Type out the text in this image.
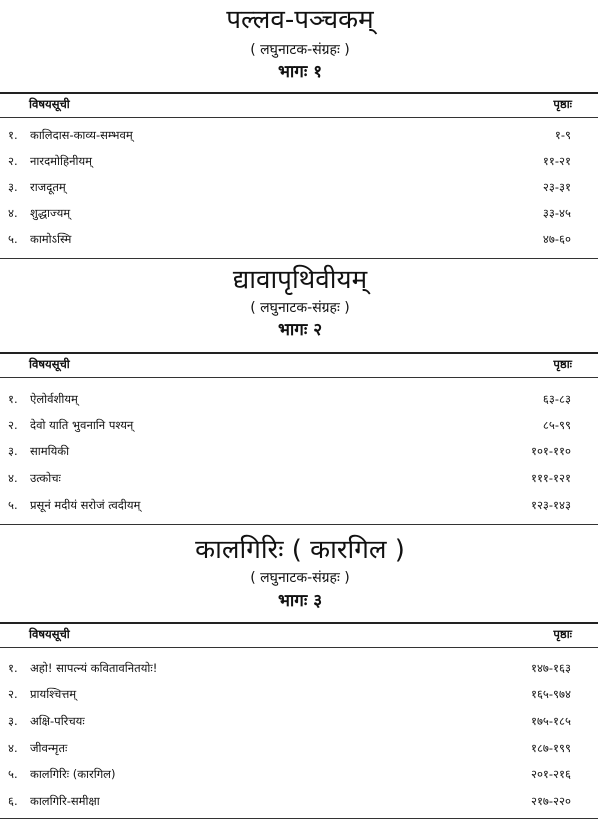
पल्लव-पञ्चकम्
( लघुनाटक-संग्रहः )
भागः १
विषयसूची	पृष्ठाः
१. कालिदास-काव्य-सम्भवम्	१-९
२. नारदमोहिनीयम्	११-२१
३. राजदूतम्	२३-३१
४. शुद्धाज्यम्	३३-४५
५. कामोऽस्मि	४७-६०
द्यावापृथिवीयम्
( लघुनाटक-संग्रहः )
भागः २
विषयसूची	पृष्ठाः
१. ऐलोर्वशीयम्	६३-८३
२. देवो याति भुवनानि पश्यन्	८५-९९
३. सामयिकी	१०१-११०
४. उत्कोचः	१११-१२१
५. प्रसूनं मदीयं सरोजं त्वदीयम्	१२३-१४३
कालगिरिः ( कारगिल )
( लघुनाटक-संग्रहः )
भागः ३
विषयसूची	पृष्ठाः
१. अहो! सापत्न्यं कवितावनितयोः!	१४७-१६३
२. प्रायश्चित्तम्	१६५-९७४
३. अक्षि-परिचयः	१७५-१८५
४. जीवन्मृतः	१८७-१९९
५. कालगिरिः (कारगिल)	२०१-२१६
६. कालगिरि-समीक्षा	२१७-२२०
